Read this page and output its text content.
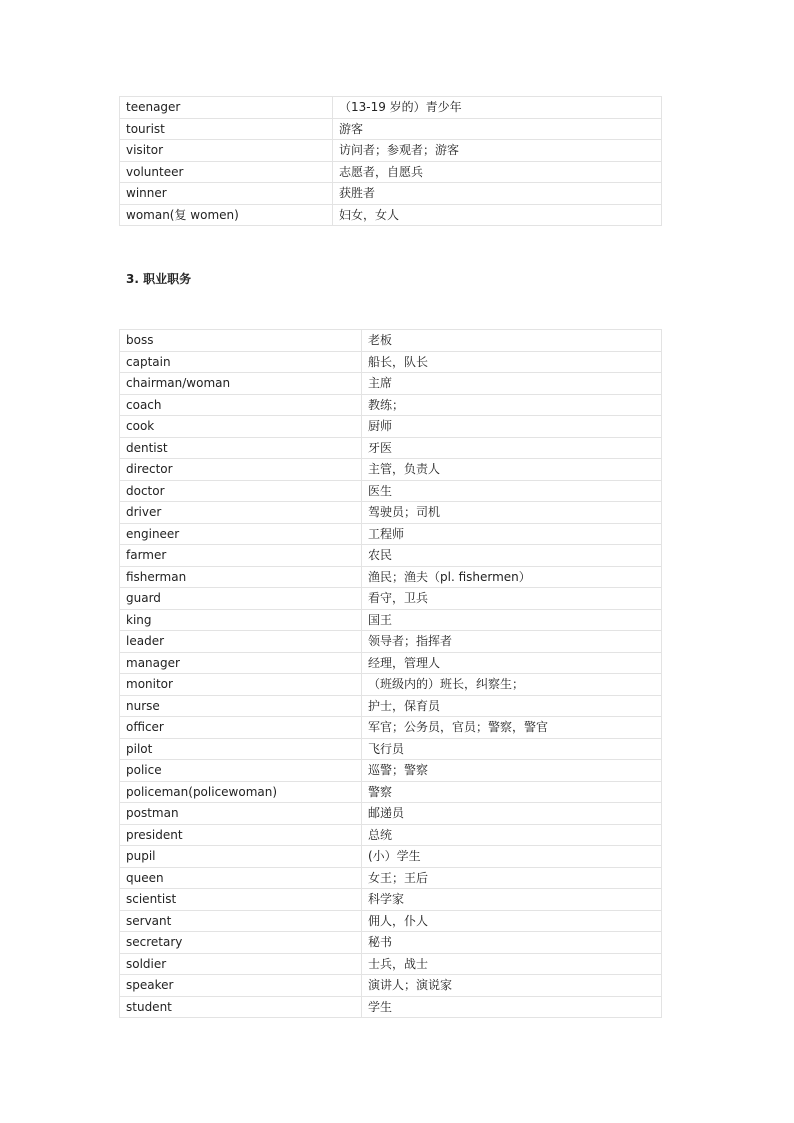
teenager	（13-19 岁的）青少年
tourist	游客
visitor	访问者；参观者；游客
volunteer	志愿者，自愿兵
winner	获胜者
woman(复 women)	妇女，女人
3. 职业职务
boss	老板
captain	船长，队长
chairman/woman	主席
coach	教练；
cook	厨师
dentist	牙医
director	主管，负责人
doctor	医生
driver	驾驶员；司机
engineer	工程师
farmer	农民
fisherman	渔民；渔夫（pl. fishermen）
guard	看守，卫兵
king	国王
leader	领导者；指挥者
manager	经理，管理人
monitor	（班级内的）班长，纠察生；
nurse	护士，保育员
officer	军官；公务员，官员；警察，警官
pilot	飞行员
police	巡警；警察
policeman(policewoman)	警察
postman	邮递员
president	总统
pupil	(小）学生
queen	女王；王后
scientist	科学家
servant	佣人，仆人
secretary	秘书
soldier	士兵，战士
speaker	演讲人；演说家
student	学生
